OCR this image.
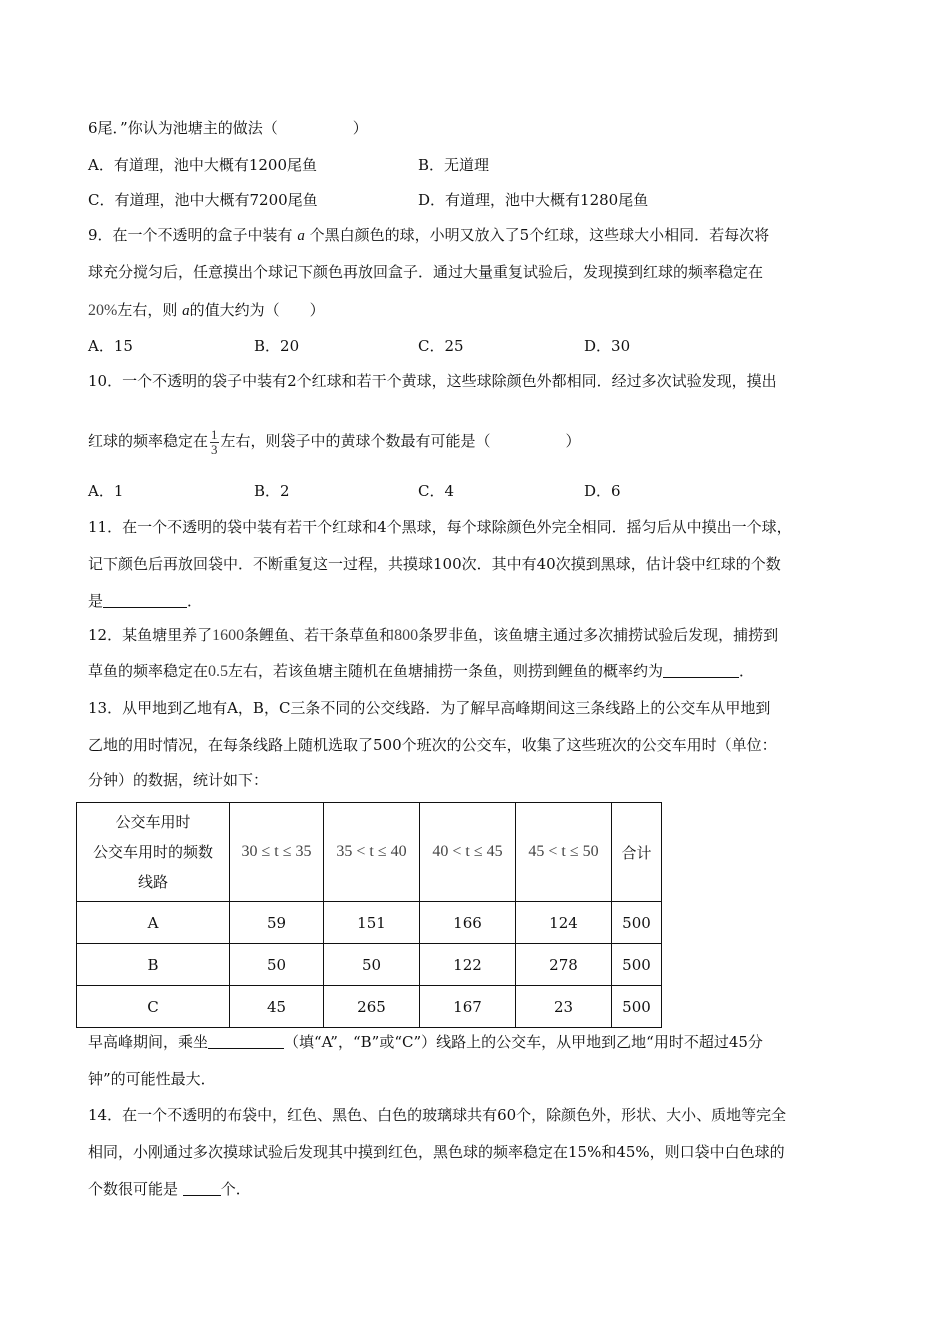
6尾．”你认为池塘主的做法（　　　　　）
A．有道理，池中大概有1200尾鱼	B．无道理
C．有道理，池中大概有7200尾鱼	D．有道理，池中大概有1280尾鱼
9．在一个不透明的盒子中装有 a 个黑白颜色的球，小明又放入了5个红球，这些球大小相同．若每次将
球充分搅匀后，任意摸出个球记下颜色再放回盒子．通过大量重复试验后，发现摸到红球的频率稳定在
20%左右，则 a的值大约为（　　）
A．15	B．20	C．25	D．30
10．一个不透明的袋子中装有2个红球和若干个黄球，这些球除颜色外都相同．经过多次试验发现，摸出
红球的频率稳定在 $\frac{1}{3}$ 左右，则袋子中的黄球个数最有可能是（　　　　　）
A．1	B．2	C．4	D．6
11．在一个不透明的袋中装有若干个红球和4个黑球，每个球除颜色外完全相同．摇匀后从中摸出一个球，
记下颜色后再放回袋中．不断重复这一过程，共摸球100次．其中有40次摸到黑球，估计袋中红球的个数
是	．
12．某鱼塘里养了1600条鲤鱼、若干条草鱼和800条罗非鱼，该鱼塘主通过多次捕捞试验后发现，捕捞到
草鱼的频率稳定在0.5左右，若该鱼塘主随机在鱼塘捕捞一条鱼，则捞到鲤鱼的概率约为	．
13．从甲地到乙地有A，B，C三条不同的公交线路．为了解早高峰期间这三条线路上的公交车从甲地到
乙地的用时情况，在每条线路上随机选取了500个班次的公交车，收集了这些班次的公交车用时（单位：
分钟）的数据，统计如下：
公交车用时
公交车用时的频数
线路	30 ≤ t ≤ 35	35 < t ≤ 40	40 < t ≤ 45	45 < t ≤ 50	合计
A	59	151	166	124	500
B	50	50	122	278	500
C	45	265	167	23	500
早高峰期间，乘坐	（填“A”，“B”或“C”）线路上的公交车，从甲地到乙地“用时不超过45分
钟”的可能性最大．
14．在一个不透明的布袋中，红色、黑色、白色的玻璃球共有60个，除颜色外，形状、大小、质地等完全
相同，小刚通过多次摸球试验后发现其中摸到红色，黑色球的频率稳定在15%和45%，则口袋中白色球的
个数很可能是	个．
